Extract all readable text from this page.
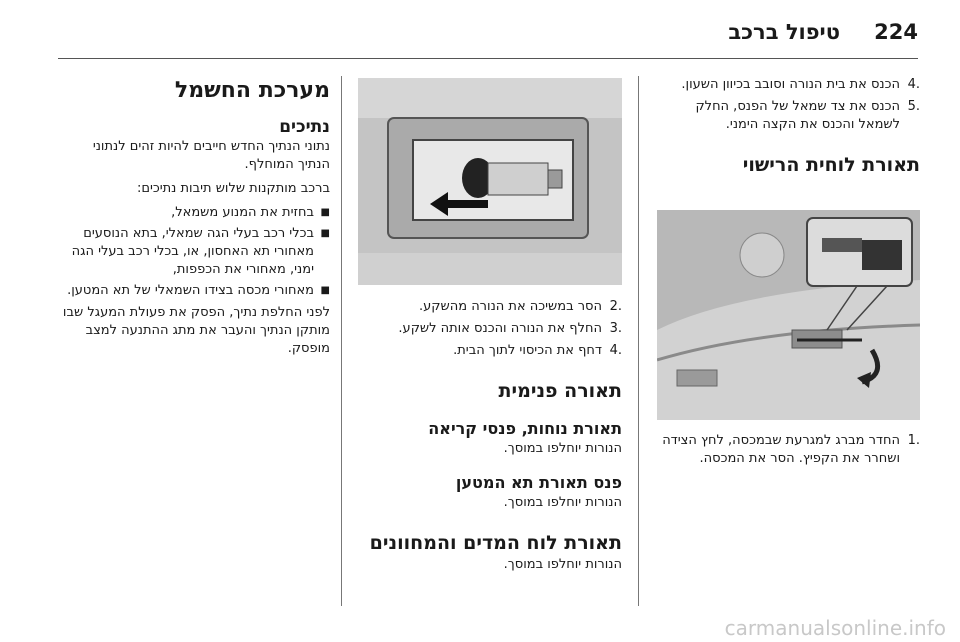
224
טיפול ברכב
.4
הכנס את בית הנורה וסובב בכיוון השעון.
.5
הכנס את צד שמאל של הפנס, החלק לשמאל והכנס את הקצה הימני.
תאורת לוחית הרישוי
.1
החדר מברג למגרעת שבמכסה, לחץ הצידה ושחרר את הקפיץ. הסר את המכסה.
.2
הסר במשיכה את הנורה מהשקע.
.3
החלף את הנורה והכנס אותה לשקע.
.4
דחף את הכיסוי לתוך הבית.
תאורה פנימית
תאורת נוחות, פנסי קריאה

הנורות יוחלפו במוסך.

פנס תאורת תא המטען

הנורות יוחלפו במוסך.

תאורת לוח המדים והמחוונים

הנורות יוחלפו במוסך.

מערכת החשמל
נתיכים

נתוני הנתיך החדש חייבים להיות זהים לנתוני הנתיך המוחלף.

ברכב מותקנות שלוש תיבות נתיכים:

■
בחזית את המנוע משמאל,
■
בכלי רכב בעלי הגה שמאלי, בתא הנוסעים מאחורי תא האחסון, או, בכלי רכב בעלי הגה ימני, מאחורי את הכפפות,
■
מאחורי מכסה בצידו השמאלי של תא המטען.

לפני החלפת נתיך, הפסק את פעולת המעגל שבו מותקן הנתיך והעבר את מתג ההתנעה למצב מופסק.

carmanualsonline.info
